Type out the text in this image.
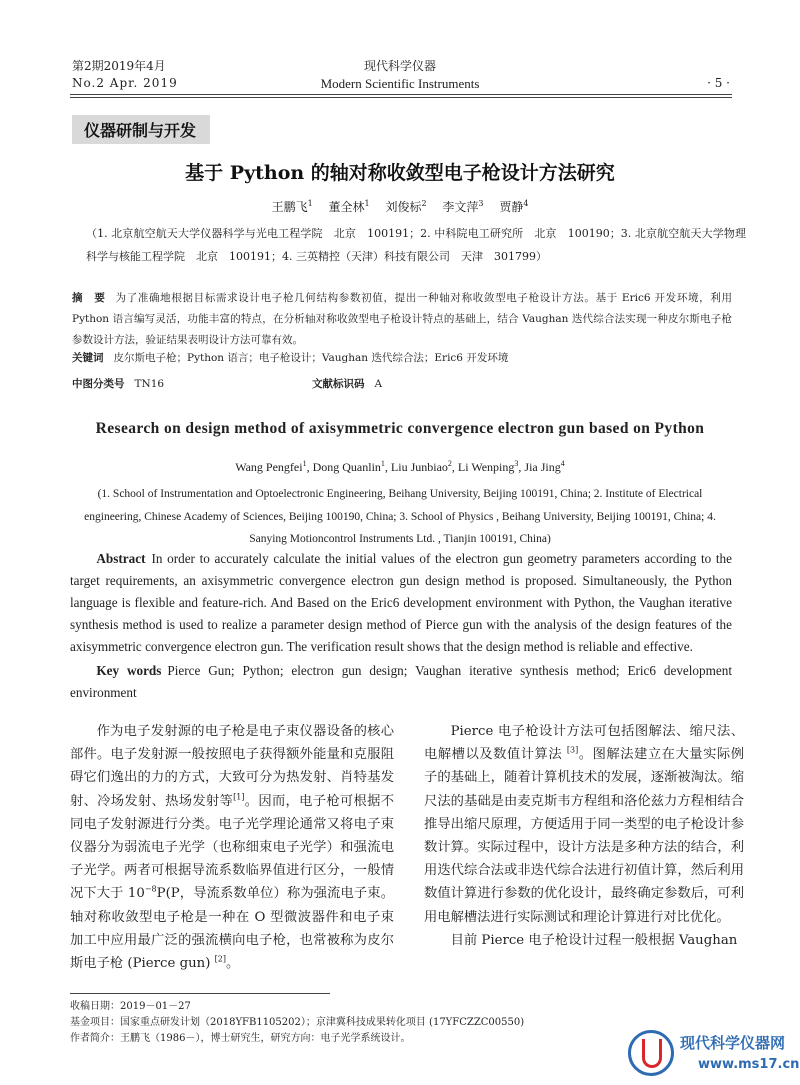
第2期2019年4月
No.2 Apr. 2019
现代科学仪器
Modern Scientific Instruments	· 5 ·
仪器研制与开发
基于 Python 的轴对称收敛型电子枪设计方法研究
王鹏飞$^1$　 董全林$^1$　 刘俊标$^2$　 李文萍$^3$　 贾静$^4$
（1. 北京航空航天大学仪器科学与光电工程学院　北京　100191；2. 中科院电工研究所　北京　100190；3. 北京航空航天大学物理科学与核能工程学院　北京　100191；4. 三英精控（天津）科技有限公司　天津　301799）
摘　要 为了准确地根据目标需求设计电子枪几何结构参数初值，提出一种轴对称收敛型电子枪设计方法。基于 Eric6 开发环境，利用 Python 语言编写灵活，功能丰富的特点，在分析轴对称收敛型电子枪设计特点的基础上，结合 Vaughan 迭代综合法实现一种皮尔斯电子枪参数设计方法，验证结果表明设计方法可靠有效。
关键词 皮尔斯电子枪；Python 语言；电子枪设计；Vaughan 迭代综合法；Eric6 开发环境
中图分类号 TN16	文献标识码 A
Research on design method of axisymmetric convergence electron gun based on Python
Wang Pengfei$^1$, Dong Quanlin$^1$, Liu Junbiao$^2$, Li Wenping$^3$, Jia Jing$^4$
(1. School of Instrumentation and Optoelectronic Engineering, Beihang University, Beijing 100191, China; 2. Institute of Electrical engineering, Chinese Academy of Sciences, Beijing 100190, China; 3. School of Physics , Beihang University, Beijing 100191, China; 4. Sanying Motioncontrol Instruments Ltd. , Tianjin 100191, China)
Abstract In order to accurately calculate the initial values of the electron gun geometry parameters according to the target requirements, an axisymmetric convergence electron gun design method is proposed. Simultaneously, the Python language is flexible and feature-rich. And Based on the Eric6 development environment with Python, the Vaughan iterative synthesis method is used to realize a parameter design method of Pierce gun with the analysis of the design features of the axisymmetric convergence electron gun. The verification result shows that the design method is reliable and effective.
Key words Pierce Gun; Python; electron gun design; Vaughan iterative synthesis method; Eric6 development environment

作为电子发射源的电子枪是电子束仪器设备的核心部件。电子发射源一般按照电子获得额外能量和克服阻碍它们逸出的力的方式，大致可分为热发射、肖特基发射、冷场发射、热场发射等[1]。因而，电子枪可根据不同电子发射源进行分类。电子光学理论通常又将电子束仪器分为弱流电子光学（也称细束电子光学）和强流电子光学。两者可根据导流系数临界值进行区分，一般情况下大于 $10^{-8}P(P$，导流系数单位）称为强流电子束。轴对称收敛型电子枪是一种在 O 型微波器件和电子束加工中应用最广泛的强流横向电子枪，也常被称为皮尔斯电子枪 (Pierce gun) [2]。

Pierce 电子枪设计方法可包括图解法、缩尺法、电解槽以及数值计算法 [3]。图解法建立在大量实际例子的基础上，随着计算机技术的发展，逐渐被淘汰。缩尺法的基础是由麦克斯韦方程组和洛伦兹力方程相结合推导出缩尺原理，方便适用于同一类型的电子枪设计参数计算。实际过程中，设计方法是多种方法的结合，利用迭代综合法或非迭代综合法进行初值计算，然后利用数值计算进行参数的优化设计，最终确定参数后，可利用电解槽法进行实际测试和理论计算进行对比优化。

目前 Pierce 电子枪设计过程一般根据 Vaughan

收稿日期：2019－01－27
基金项目：国家重点研发计划（2018YFB1105202）；京津冀科技成果转化项目 (17YFCZZC00550)
作者简介：王鹏飞（1986－），博士研究生，研究方向：电子光学系统设计。	现代科学仪器网
www.ms17.cn
